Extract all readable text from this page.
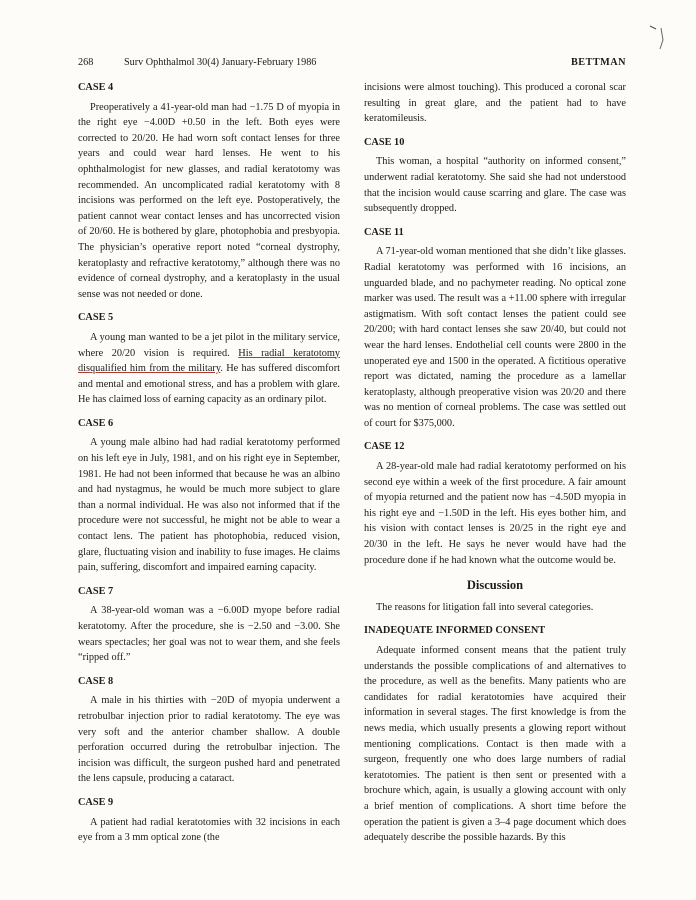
268	Surv Ophthalmol 30(4) January-February 1986	BETTMAN
CASE 4

Preoperatively a 41-year-old man had −1.75 D of myopia in the right eye −4.00D +0.50 in the left. Both eyes were corrected to 20/20. He had worn soft contact lenses for three years and could wear hard lenses. He went to his ophthalmologist for new glasses, and radial keratotomy was recommended. An uncomplicated radial keratotomy with 8 incisions was performed on the left eye. Postoperatively, the patient cannot wear contact lenses and has uncorrected vision of 20/60. He is bothered by glare, photophobia and presbyopia. The physician’s operative report noted “corneal dystrophy, keratoplasty and refractive keratotomy,” although there was no evidence of corneal dystrophy, and a keratoplasty in the usual sense was not needed or done.

CASE 5

A young man wanted to be a jet pilot in the military service, where 20/20 vision is required. His radial keratotomy disqualified him from the military. He has suffered discomfort and mental and emotional stress, and has a problem with glare. He has claimed loss of earning capacity as an ordinary pilot.

CASE 6

A young male albino had had radial keratotomy performed on his left eye in July, 1981, and on his right eye in September, 1981. He had not been informed that because he was an albino and had nystagmus, he would be much more subject to glare than a normal individual. He was also not informed that if the procedure were not successful, he might not be able to wear a contact lens. The patient has photophobia, reduced vision, glare, fluctuating vision and inability to fuse images. He claims pain, suffering, discomfort and impaired earning capacity.

CASE 7

A 38-year-old woman was a −6.00D myope before radial keratotomy. After the procedure, she is −2.50 and −3.00. She wears spectacles; her goal was not to wear them, and she feels “ripped off.”

CASE 8

A male in his thirties with −20D of myopia underwent a retrobulbar injection prior to radial keratotomy. The eye was very soft and the anterior chamber shallow. A double perforation occurred during the retrobulbar injection. The incision was difficult, the surgeon pushed hard and penetrated the lens capsule, producing a cataract.

CASE 9

A patient had radial keratotomies with 32 incisions in each eye from a 3 mm optical zone (the

incisions were almost touching). This produced a coronal scar resulting in great glare, and the patient had to have keratomileusis.

CASE 10

This woman, a hospital “authority on informed consent,” underwent radial keratotomy. She said she had not understood that the incision would cause scarring and glare. The case was subsequently dropped.

CASE 11

A 71-year-old woman mentioned that she didn’t like glasses. Radial keratotomy was performed with 16 incisions, an unguarded blade, and no pachymeter reading. No optical zone marker was used. The result was a +11.00 sphere with irregular astigmatism. With soft contact lenses the patient could see 20/200; with hard contact lenses she saw 20/40, but could not wear the hard lenses. Endothelial cell counts were 2800 in the unoperated eye and 1500 in the operated. A fictitious operative report was dictated, naming the procedure as a lamellar keratoplasty, although preoperative vision was 20/20 and there was no mention of corneal problems. The case was settled out of court for $375,000.

CASE 12

A 28-year-old male had radial keratotomy performed on his second eye within a week of the first procedure. A fair amount of myopia returned and the patient now has −4.50D myopia in his right eye and −1.50D in the left. His eyes bother him, and his vision with contact lenses is 20/25 in the right eye and 20/30 in the left. He says he never would have had the procedure done if he had known what the outcome would be.

Discussion

The reasons for litigation fall into several categories.

INADEQUATE INFORMED CONSENT

Adequate informed consent means that the patient truly understands the possible complications of and alternatives to the procedure, as well as the benefits. Many patients who are candidates for radial keratotomies have acquired their information in several stages. The first knowledge is from the news media, which usually presents a glowing report without mentioning complications. Contact is then made with a surgeon, frequently one who does large numbers of radial keratotomies. The patient is then sent or presented with a brochure which, again, is usually a glowing account with only a brief mention of complications. A short time before the operation the patient is given a 3–4 page document which does adequately describe the possible hazards. By this
